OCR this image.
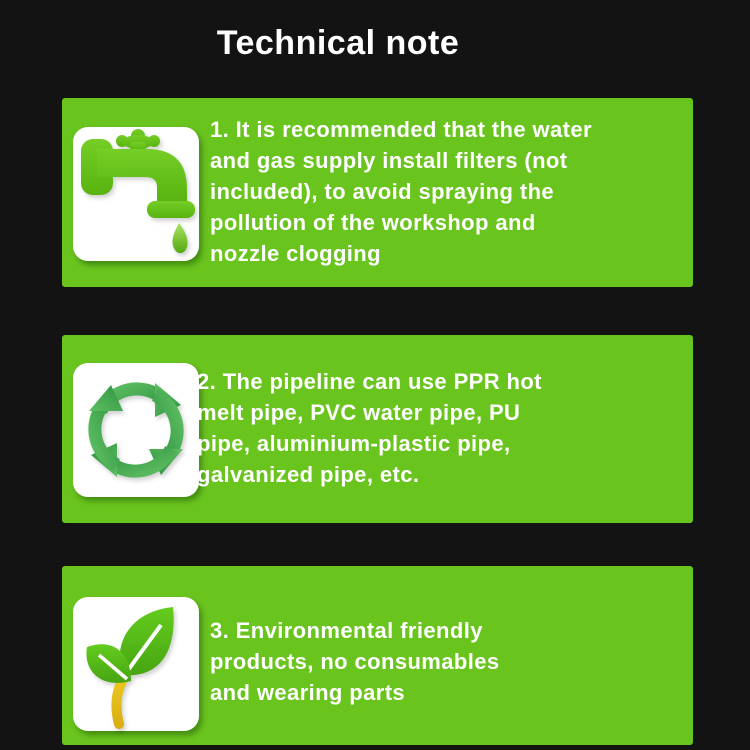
Technical note
1. It is recommended that the water
and gas supply install filters (not
included), to avoid spraying the
pollution of the workshop and
nozzle clogging
2. The pipeline can use PPR hot
melt pipe, PVC water pipe, PU
pipe, aluminium-plastic pipe,
galvanized pipe, etc.
3. Environmental friendly
products, no consumables
and wearing parts
